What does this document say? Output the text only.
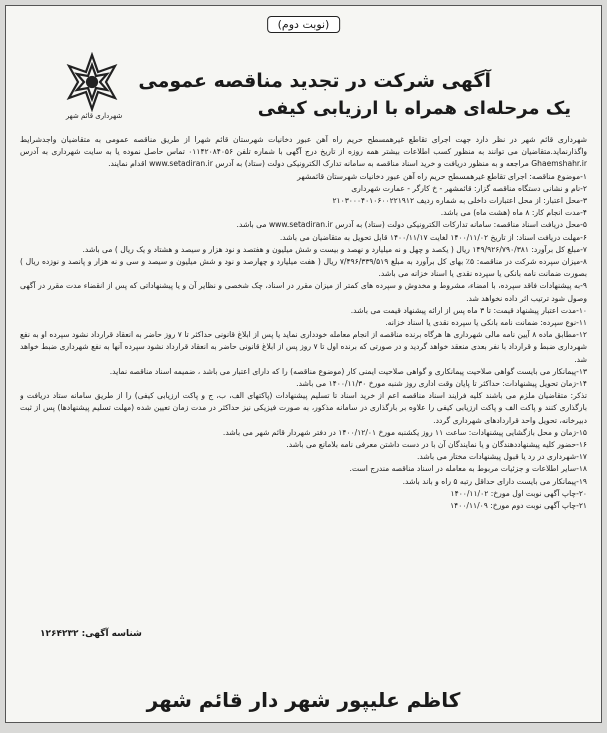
(نوبت دوم)
شهرداری قائم شهر
آگهی شرکت در تجدید مناقصه عمومی
یک مرحله‌ای همراه با ارزیابی کیفی

شهرداری قائم شهر در نظر دارد جهت اجرای تقاطع غیرهمسطح حریم راه آهن عبور دخانیات شهرستان قائم شهرا از طریق مناقصه عمومی به متقاضیان واجدشرایط واگذارنماید.متقاضیان می توانند به منظور کسب اطلاعات بیشتر همه روزه از تاریخ درج آگهی با شماره تلفن ۰۱۱۴۲۰۸۴۰۵۶ تماس حاصل نموده یا به سایت شهرداری به آدرس Ghaemshahr.ir مراجعه و به منظور دریافت و خرید اسناد مناقصه به سامانه تدارک الکترونیکی دولت (ستاد) به آدرس www.setadiran.ir اقدام نمایند.

۱-موضوع مناقصه: اجرای تقاطع غیرهمسطح حریم راه آهن عبور دخانیات شهرستان قائمشهر

۲-نام و نشانی دستگاه مناقصه گزار: قائمشهر - خ کارگر - عمارت شهرداری

۳-محل اعتبار: از محل اعتبارات داخلی به شماره ردیف ۲۱۰۳۰۰۰۴۰۱۰۶۰۰۲۲۱۹۱۲

۴-مدت انجام کار: ۸ ماه (هشت ماه) می باشد.

۵-محل دریافت اسناد مناقصه: سامانه تدارکات الکترونیکی دولت (ستاد) به آدرس www.setadiran.ir می باشد.

۶-مهلت دریافت اسناد: از تاریخ ۱۴۰۰/۱۱/۰۲ لغایت ۱۴۰۰/۱۱/۱۷ قابل تحویل به متقاضیان می باشد.

۷-مبلغ کل برآورد: ۱۴۹/۹۲۶/۷۹۰/۳۸۱ ریال ( یکصد و چهل و نه میلیارد و نهصد و بیست و شش میلیون و هفتصد و نود هزار و سیصد و هشتاد و یک ریال ) می باشد.

۸-میزان سپرده شرکت در مناقصه: ۵٪ بهای کل برآورد به مبلغ ۷/۴۹۶/۳۳۹/۵۱۹ ریال ( هفت میلیارد و چهارصد و نود و شش میلیون و سیصد و سی و نه هزار و پانصد و نوزده ریال ) بصورت ضمانت نامه بانکی یا سپرده نقدی یا اسناد خزانه می باشد.

۹-به پیشنهادات فاقد سپرده، با امضاء، مشروط و مخدوش و سپرده های کمتر از میزان مقرر در اسناد، چک شخصی و نظایر آن و یا پیشنهاداتی که پس از انقضاء مدت مقرر در آگهی وصول شود ترتیب اثر داده نخواهد شد.

۱۰-مدت اعتبار پیشنهاد قیمت: تا ۳ ماه پس از ارائه پیشنهاد قیمت می باشد.

۱۱-نوع سپرده: ضمانت نامه بانکی یا سپرده نقدی یا اسناد خزانه.

۱۲-مطابق ماده ۸ آیین نامه مالی شهرداری ها هرگاه برنده مناقصه از انجام معامله خودداری نماید یا پس از ابلاغ قانونی حداکثر تا ۷ روز حاضر به انعقاد قرارداد نشود سپرده او به نفع شهرداری ضبط و قرارداد با نفر بعدی منعقد خواهد گردید و در صورتی که برنده اول تا ۷ روز پس از ابلاغ قانونی حاضر به انعقاد قرارداد نشود سپرده آنها به نفع شهرداری ضبط خواهد شد.

۱۳-پیمانکار می بایست گواهی صلاحیت پیمانکاری و گواهی صلاحیت ایمنی کار (موضوع مناقصه) را که دارای اعتبار می باشد ، ضمیمه اسناد مناقصه نماید.

۱۴-زمان تحویل پیشنهادات: حداکثر تا پایان وقت اداری روز شنبه مورخ ۱۴۰۰/۱۱/۳۰ می باشد.

تذکر: متقاضیان ملزم می باشند کلیه فرایند اسناد مناقصه اعم از خرید اسناد تا تسلیم پیشنهادات (پاکتهای الف، ب، ج و پاکت ارزیابی کیفی) را از طریق سامانه ستاد دریافت و بارگذاری کنند و پاکت الف و پاکت ارزیابی کیفی را علاوه بر بارگذاری در سامانه مذکور، به صورت فیزیکی نیز حداکثر در مدت زمان تعیین شده (مهلت تسلیم پیشنهادها) پس از ثبت دبیرخانه، تحویل واحد قراردادهای شهرداری گردد.

۱۵-زمان و محل بازگشایی پیشنهادات: ساعت ۱۱ روز یکشنبه مورخ ۱۴۰۰/۱۲/۰۱ در دفتر شهردار قائم شهر می باشد.

۱۶-حضور کلیه پیشنهاددهندگان و یا نمایندگان آن با در دست داشتن معرفی نامه بلامانع می باشد.

۱۷-شهرداری در رد یا قبول پیشنهادات مختار می باشد.

۱۸-سایر اطلاعات و جزئیات مربوط به معامله در اسناد مناقصه مندرج است.

۱۹-پیمانکار می بایست دارای حداقل رتبه ۵ راه و باند باشد.

۲۰-چاپ آگهی نوبت اول مورخ: ۱۴۰۰/۱۱/۰۲

۲۱-چاپ آگهی نوبت دوم مورخ: ۱۴۰۰/۱۱/۰۹

شناسه آگهی: ۱۲۶۴۲۳۲
کاظم علیپور شهر دار قائم شهر
